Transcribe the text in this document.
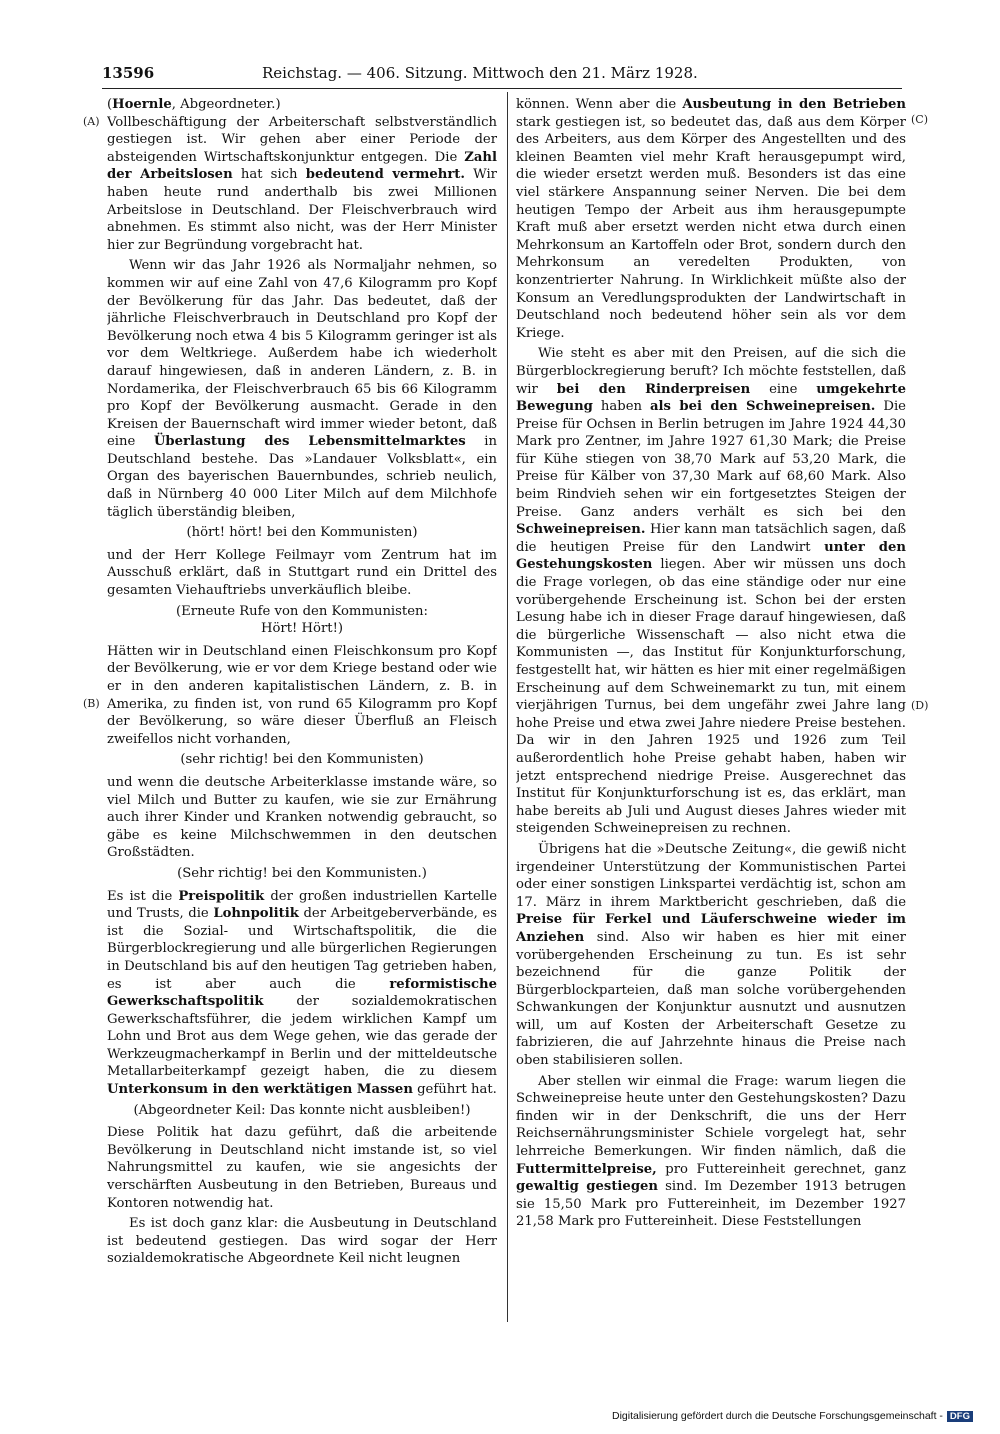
13596	Reichstag. — 406. Sitzung. Mittwoch den 21. März 1928.
(A)
(B)
(C)
(D)

(Hoernle, Abgeordneter.)

Vollbeschäftigung der Arbeiterschaft selbstverständlich gestiegen ist. Wir gehen aber einer Periode der absteigenden Wirtschaftskonjunktur entgegen. Die Zahl der Arbeitslosen hat sich bedeutend vermehrt. Wir haben heute rund anderthalb bis zwei Millionen Arbeitslose in Deutschland. Der Fleischverbrauch wird abnehmen. Es stimmt also nicht, was der Herr Minister hier zur Begründung vorgebracht hat.

Wenn wir das Jahr 1926 als Normaljahr nehmen, so kommen wir auf eine Zahl von 47,6 Kilogramm pro Kopf der Bevölkerung für das Jahr. Das bedeutet, daß der jährliche Fleischverbrauch in Deutschland pro Kopf der Bevölkerung noch etwa 4 bis 5 Kilogramm geringer ist als vor dem Weltkriege. Außerdem habe ich wiederholt darauf hingewiesen, daß in anderen Ländern, z. B. in Nordamerika, der Fleischverbrauch 65 bis 66 Kilogramm pro Kopf der Bevölkerung ausmacht. Gerade in den Kreisen der Bauernschaft wird immer wieder betont, daß eine Überlastung des Lebensmittelmarktes in Deutschland bestehe. Das »Landauer Volksblatt«, ein Organ des bayerischen Bauernbundes, schrieb neulich, daß in Nürnberg 40 000 Liter Milch auf dem Milchhofe täglich überständig bleiben,

(hört! hört! bei den Kommunisten)

und der Herr Kollege Feilmayr vom Zentrum hat im Ausschuß erklärt, daß in Stuttgart rund ein Drittel des gesamten Viehauftriebs unverkäuflich bleibe.

(Erneute Rufe von den Kommunisten:
Hört! Hört!)

Hätten wir in Deutschland einen Fleischkonsum pro Kopf der Bevölkerung, wie er vor dem Kriege bestand oder wie er in den anderen kapitalistischen Ländern, z. B. in Amerika, zu finden ist, von rund 65 Kilogramm pro Kopf der Bevölkerung, so wäre dieser Überfluß an Fleisch zweifellos nicht vorhanden,

(sehr richtig! bei den Kommunisten)

und wenn die deutsche Arbeiterklasse imstande wäre, so viel Milch und Butter zu kaufen, wie sie zur Ernährung auch ihrer Kinder und Kranken notwendig gebraucht, so gäbe es keine Milchschwemmen in den deutschen Großstädten.

(Sehr richtig! bei den Kommunisten.)

Es ist die Preispolitik der großen industriellen Kartelle und Trusts, die Lohnpolitik der Arbeitgeberverbände, es ist die Sozial- und Wirtschaftspolitik, die die Bürgerblockregierung und alle bürgerlichen Regierungen in Deutschland bis auf den heutigen Tag getrieben haben, es ist aber auch die reformistische Gewerkschaftspolitik der sozialdemokratischen Gewerkschaftsführer, die jedem wirklichen Kampf um Lohn und Brot aus dem Wege gehen, wie das gerade der Werkzeugmacherkampf in Berlin und der mitteldeutsche Metallarbeiterkampf gezeigt haben, die zu diesem Unterkonsum in den werktätigen Massen geführt hat.

(Abgeordneter Keil: Das konnte nicht ausbleiben!)

Diese Politik hat dazu geführt, daß die arbeitende Bevölkerung in Deutschland nicht imstande ist, so viel Nahrungsmittel zu kaufen, wie sie angesichts der verschärften Ausbeutung in den Betrieben, Bureaus und Kontoren notwendig hat.

Es ist doch ganz klar: die Ausbeutung in Deutschland ist bedeutend gestiegen. Das wird sogar der Herr sozialdemokratische Abgeordnete Keil nicht leugnen

können. Wenn aber die Ausbeutung in den Betrieben stark gestiegen ist, so bedeutet das, daß aus dem Körper des Arbeiters, aus dem Körper des Angestellten und des kleinen Beamten viel mehr Kraft herausgepumpt wird, die wieder ersetzt werden muß. Besonders ist das eine viel stärkere Anspannung seiner Nerven. Die bei dem heutigen Tempo der Arbeit aus ihm herausgepumpte Kraft muß aber ersetzt werden nicht etwa durch einen Mehrkonsum an Kartoffeln oder Brot, sondern durch den Mehrkonsum an veredelten Produkten, von konzentrierter Nahrung. In Wirklichkeit müßte also der Konsum an Veredlungsprodukten der Landwirtschaft in Deutschland noch bedeutend höher sein als vor dem Kriege.

Wie steht es aber mit den Preisen, auf die sich die Bürgerblockregierung beruft? Ich möchte feststellen, daß wir bei den Rinderpreisen eine umgekehrte Bewegung haben als bei den Schweinepreisen. Die Preise für Ochsen in Berlin betrugen im Jahre 1924 44,30 Mark pro Zentner, im Jahre 1927 61,30 Mark; die Preise für Kühe stiegen von 38,70 Mark auf 53,20 Mark, die Preise für Kälber von 37,30 Mark auf 68,60 Mark. Also beim Rindvieh sehen wir ein fortgesetztes Steigen der Preise. Ganz anders verhält es sich bei den Schweinepreisen. Hier kann man tatsächlich sagen, daß die heutigen Preise für den Landwirt unter den Gestehungskosten liegen. Aber wir müssen uns doch die Frage vorlegen, ob das eine ständige oder nur eine vorübergehende Erscheinung ist. Schon bei der ersten Lesung habe ich in dieser Frage darauf hingewiesen, daß die bürgerliche Wissenschaft — also nicht etwa die Kommunisten —, das Institut für Konjunkturforschung, festgestellt hat, wir hätten es hier mit einer regelmäßigen Erscheinung auf dem Schweinemarkt zu tun, mit einem vierjährigen Turnus, bei dem ungefähr zwei Jahre lang hohe Preise und etwa zwei Jahre niedere Preise bestehen. Da wir in den Jahren 1925 und 1926 zum Teil außerordentlich hohe Preise gehabt haben, haben wir jetzt entsprechend niedrige Preise. Ausgerechnet das Institut für Konjunkturforschung ist es, das erklärt, man habe bereits ab Juli und August dieses Jahres wieder mit steigenden Schweinepreisen zu rechnen.

Übrigens hat die »Deutsche Zeitung«, die gewiß nicht irgendeiner Unterstützung der Kommunistischen Partei oder einer sonstigen Linkspartei verdächtig ist, schon am 17. März in ihrem Marktbericht geschrieben, daß die Preise für Ferkel und Läuferschweine wieder im Anziehen sind. Also wir haben es hier mit einer vorübergehenden Erscheinung zu tun. Es ist sehr bezeichnend für die ganze Politik der Bürgerblockparteien, daß man solche vorübergehenden Schwankungen der Konjunktur ausnutzt und ausnutzen will, um auf Kosten der Arbeiterschaft Gesetze zu fabrizieren, die auf Jahrzehnte hinaus die Preise nach oben stabilisieren sollen.

Aber stellen wir einmal die Frage: warum liegen die Schweinepreise heute unter den Gestehungskosten? Dazu finden wir in der Denkschrift, die uns der Herr Reichsernährungsminister Schiele vorgelegt hat, sehr lehrreiche Bemerkungen. Wir finden nämlich, daß die Futtermittelpreise, pro Futtereinheit gerechnet, ganz gewaltig gestiegen sind. Im Dezember 1913 betrugen sie 15,50 Mark pro Futtereinheit, im Dezember 1927 21,58 Mark pro Futtereinheit. Diese Feststellungen

Digitalisierung gefördert durch die Deutsche Forschungsgemeinschaft - DFG
